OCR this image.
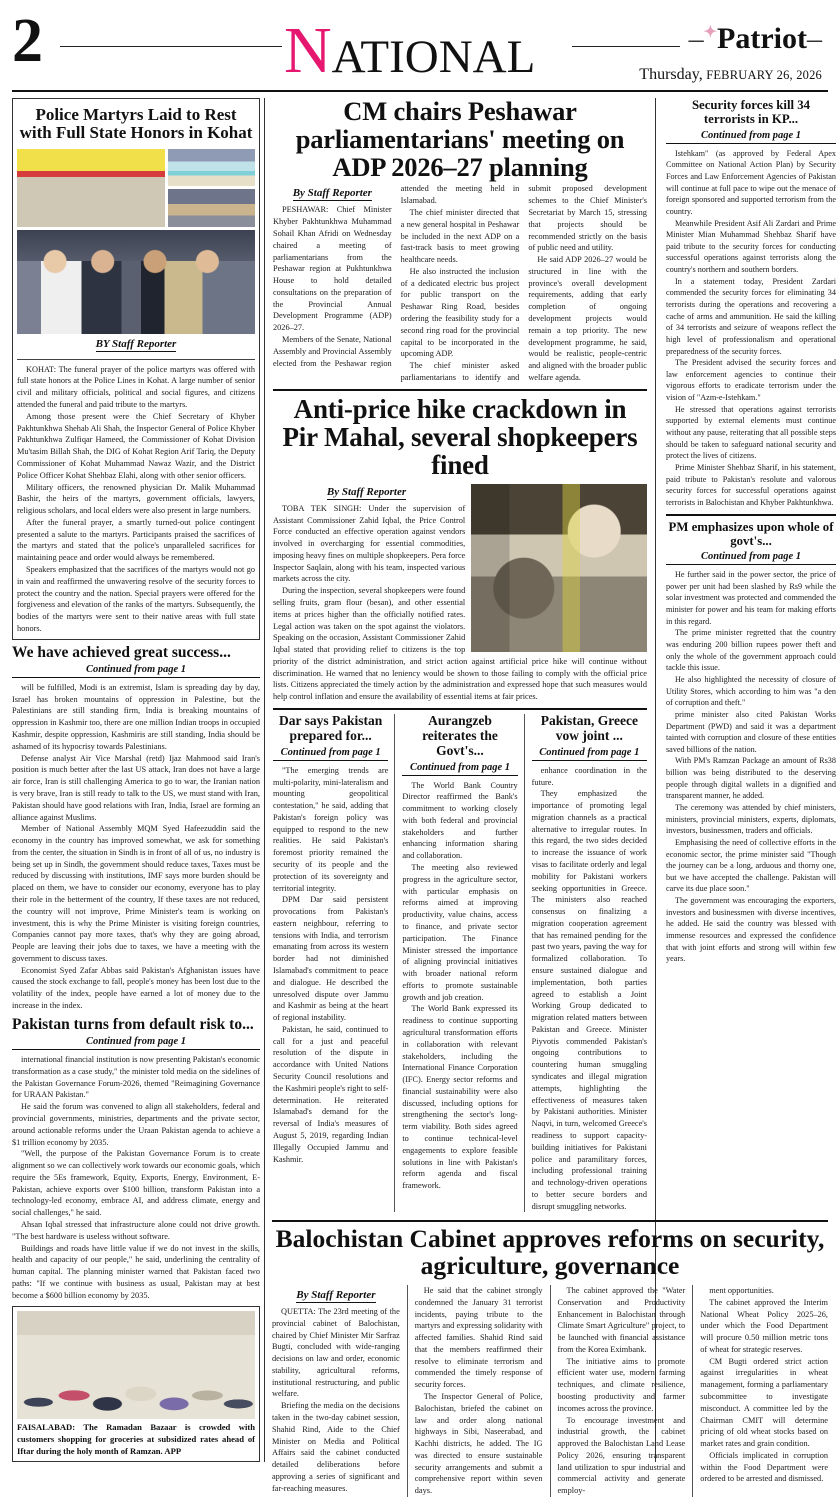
2	NATIONAL	–✦Patriot–
Thursday, FEBRUARY 26, 2026
Police Martyrs Laid to Rest with Full State Honors in Kohat
BY Staff Reporter

KOHAT: The funeral prayer of the police martyrs was offered with full state honors at the Police Lines in Kohat. A large number of senior civil and military officials, political and social figures, and citizens attended the funeral and paid tribute to the martyrs.

Among those present were the Chief Secretary of Khyber Pakhtunkhwa Shehab Ali Shah, the Inspector General of Police Khyber Pakhtunkhwa Zulfiqar Hameed, the Commissioner of Kohat Division Mu'tasim Billah Shah, the DIG of Kohat Region Arif Tariq, the Deputy Commissioner of Kohat Muhammad Nawaz Wazir, and the District Police Officer Kohat Shehbaz Elahi, along with other senior officers.

Military officers, the renowned physician Dr. Malik Muhammad Bashir, the heirs of the martyrs, government officials, lawyers, religious scholars, and local elders were also present in large numbers.

After the funeral prayer, a smartly turned-out police contingent presented a salute to the martyrs. Participants praised the sacrifices of the martyrs and stated that the police's unparalleled sacrifices for maintaining peace and order would always be remembered.

Speakers emphasized that the sacrifices of the martyrs would not go in vain and reaffirmed the unwavering resolve of the security forces to protect the country and the nation. Special prayers were offered for the forgiveness and elevation of the ranks of the martyrs. Subsequently, the bodies of the martyrs were sent to their native areas with full state honors.

We have achieved great success...
Continued from page 1

will be fulfilled, Modi is an extremist, Islam is spreading day by day, Israel has broken mountains of oppression in Palestine, but the Palestinians are still standing firm, India is breaking mountains of oppression in Kashmir too, there are one million Indian troops in occupied Kashmir, despite oppression, Kashmiris are still standing, India should be ashamed of its hypocrisy towards Palestinians.

Defense analyst Air Vice Marshal (retd) Ijaz Mahmood said Iran's position is much better after the last US attack, Iran does not have a large air force, Iran is still challenging America to go to war, the Iranian nation is very brave, Iran is still ready to talk to the US, we must stand with Iran, Pakistan should have good relations with Iran, India, Israel are forming an alliance against Muslims.

Member of National Assembly MQM Syed Hafeezuddin said the economy in the country has improved somewhat, we ask for something from the center, the situation in Sindh is in front of all of us, no industry is being set up in Sindh, the government should reduce taxes, Taxes must be reduced by discussing with institutions, IMF says more burden should be placed on them, we have to consider our economy, everyone has to play their role in the betterment of the country, If these taxes are not reduced, the country will not improve, Prime Minister's team is working on investment, this is why the Prime Minister is visiting foreign countries, Companies cannot pay more taxes, that's why they are going abroad, People are leaving their jobs due to taxes, we have a meeting with the government to discuss taxes.

Economist Syed Zafar Abbas said Pakistan's Afghanistan issues have caused the stock exchange to fall, people's money has been lost due to the volatility of the index, people have earned a lot of money due to the increase in the index.

Pakistan turns from default risk to...
Continued from page 1

international financial institution is now presenting Pakistan's economic transformation as a case study," the minister told media on the sidelines of the Pakistan Governance Forum-2026, themed "Reimagining Governance for URAAN Pakistan."

He said the forum was convened to align all stakeholders, federal and provincial governments, ministries, departments and the private sector, around actionable reforms under the Uraan Pakistan agenda to achieve a $1 trillion economy by 2035.

"Well, the purpose of the Pakistan Governance Forum is to create alignment so we can collectively work towards our economic goals, which require the 5Es framework, Equity, Exports, Energy, Environment, E-Pakistan, achieve exports over $100 billion, transform Pakistan into a technology-led economy, embrace AI, and address climate, energy and social challenges," he said.

Ahsan Iqbal stressed that infrastructure alone could not drive growth. "The best hardware is useless without software.

Buildings and roads have little value if we do not invest in the skills, health and capacity of our people," he said, underlining the centrality of human capital. The planning minister warned that Pakistan faced two paths: "If we continue with business as usual, Pakistan may at best become a $600 billion economy by 2035.

FAISALABAD: The Ramadan Bazaar is crowded with customers shopping for groceries at subsidized rates ahead of Iftar during the holy month of Ramzan. APP
CM chairs Peshawar parliamentarians' meeting on ADP 2026–27 planning
By Staff Reporter

PESHAWAR: Chief Minister Khyber Pakhtunkhwa Muhammad Sohail Khan Afridi on Wednesday chaired a meeting of parliamentarians from the Peshawar region at Pukhtunkhwa House to hold detailed consultations on the preparation of the Provincial Annual Development Programme (ADP) 2026–27.

Members of the Senate, National Assembly and Provincial Assembly elected from the Peshawar region attended the meeting held in Islamabad.

The chief minister directed that a new general hospital in Peshawar be included in the next ADP on a fast-track basis to meet growing healthcare needs.

He also instructed the inclusion of a dedicated electric bus project for public transport on the Peshawar Ring Road, besides ordering the feasibility study for a second ring road for the provincial capital to be incorporated in the upcoming ADP.

The chief minister asked parliamentarians to identify and submit proposed development schemes to the Chief Minister's Secretariat by March 15, stressing that projects should be recommended strictly on the basis of public need and utility.

He said ADP 2026–27 would be structured in line with the province's overall development requirements, adding that early completion of ongoing development projects would remain a top priority. The new development programme, he said, would be realistic, people-centric and aligned with the broader public welfare agenda.

Anti-price hike crackdown in Pir Mahal, several shopkeepers fined
By Staff Reporter

TOBA TEK SINGH: Under the supervision of Assistant Commissioner Zahid Iqbal, the Price Control Force conducted an effective operation against vendors involved in overcharging for essential commodities, imposing heavy fines on multiple shopkeepers. Pera force Inspector Saqlain, along with his team, inspected various markets across the city.

During the inspection, several shopkeepers were found selling fruits, gram flour (besan), and other essential items at prices higher than the officially notified rates. Legal action was taken on the spot against the violators. Speaking on the occasion, Assistant Commissioner Zahid Iqbal stated that providing relief to citizens is the top priority of the district administration, and strict action against artificial price hike will continue without discrimination. He warned that no leniency would be shown to those failing to comply with the official price lists. Citizens appreciated the timely action by the administration and expressed hope that such measures would help control inflation and ensure the availability of essential items at fair prices.

Dar says Pakistan prepared for...
Continued from page 1

"The emerging trends are multi-polarity, mini-lateralism and mounting geopolitical contestation," he said, adding that Pakistan's foreign policy was equipped to respond to the new realities. He said Pakistan's foremost priority remained the security of its people and the protection of its sovereignty and territorial integrity.

DPM Dar said persistent provocations from Pakistan's eastern neighbour, referring to tensions with India, and terrorism emanating from across its western border had not diminished Islamabad's commitment to peace and dialogue. He described the unresolved dispute over Jammu and Kashmir as being at the heart of regional instability.

Pakistan, he said, continued to call for a just and peaceful resolution of the dispute in accordance with United Nations Security Council resolutions and the Kashmiri people's right to self-determination. He reiterated Islamabad's demand for the reversal of India's measures of August 5, 2019, regarding Indian Illegally Occupied Jammu and Kashmir.

Aurangzeb reiterates the Govt's...
Continued from page 1

The World Bank Country Director reaffirmed the Bank's commitment to working closely with both federal and provincial stakeholders and further enhancing information sharing and collaboration.

The meeting also reviewed progress in the agriculture sector, with particular emphasis on reforms aimed at improving productivity, value chains, access to finance, and private sector participation. The Finance Minister stressed the importance of aligning provincial initiatives with broader national reform efforts to promote sustainable growth and job creation.

The World Bank expressed its readiness to continue supporting agricultural transformation efforts in collaboration with relevant stakeholders, including the International Finance Corporation (IFC). Energy sector reforms and financial sustainability were also discussed, including options for strengthening the sector's long-term viability. Both sides agreed to continue technical-level engagements to explore feasible solutions in line with Pakistan's reform agenda and fiscal framework.

Pakistan, Greece vow joint ...
Continued from page 1

enhance coordination in the future.

They emphasized the importance of promoting legal migration channels as a practical alternative to irregular routes. In this regard, the two sides decided to increase the issuance of work visas to facilitate orderly and legal mobility for Pakistani workers seeking opportunities in Greece. The ministers also reached consensus on finalizing a migration cooperation agreement that has remained pending for the past two years, paving the way for formalized collaboration. To ensure sustained dialogue and implementation, both parties agreed to establish a Joint Working Group dedicated to migration related matters between Pakistan and Greece. Minister Piyvotis commended Pakistan's ongoing contributions to countering human smuggling syndicates and illegal migration attempts, highlighting the effectiveness of measures taken by Pakistani authorities. Minister Naqvi, in turn, welcomed Greece's readiness to support capacity-building initiatives for Pakistani police and paramilitary forces, including professional training and technology-driven operations to better secure borders and disrupt smuggling networks.

Security forces kill 34 terrorists in KP...
Continued from page 1

Istehkam" (as approved by Federal Apex Committee on National Action Plan) by Security Forces and Law Enforcement Agencies of Pakistan will continue at full pace to wipe out the menace of foreign sponsored and supported terrorism from the country.

Meanwhile President Asif Ali Zardari and Prime Minister Mian Muhammad Shehbaz Sharif have paid tribute to the security forces for conducting successful operations against terrorists along the country's northern and southern borders.

In a statement today, President Zardari commended the security forces for eliminating 34 terrorists during the operations and recovering a cache of arms and ammunition. He said the killing of 34 terrorists and seizure of weapons reflect the high level of professionalism and operational preparedness of the security forces.

The President advised the security forces and law enforcement agencies to continue their vigorous efforts to eradicate terrorism under the vision of "Azm-e-Istehkam."

He stressed that operations against terrorists supported by external elements must continue without any pause, reiterating that all possible steps should be taken to safeguard national security and protect the lives of citizens.

Prime Minister Shehbaz Sharif, in his statement, paid tribute to Pakistan's resolute and valorous security forces for successful operations against terrorists in Balochistan and Khyber Pakhtunkhwa.

PM emphasizes upon whole of govt's...
Continued from page 1

He further said in the power sector, the price of power per unit had been slashed by Rs9 while the solar investment was protected and commended the minister for power and his team for making efforts in this regard.

The prime minister regretted that the country was enduring 200 billion rupees power theft and only the whole of the government approach could tackle this issue.

He also highlighted the necessity of closure of Utility Stores, which according to him was "a den of corruption and theft."

prime minister also cited Pakistan Works Department (PWD) and said it was a department tainted with corruption and closure of these entities saved billions of the nation.

With PM's Ramzan Package an amount of Rs38 billion was being distributed to the deserving people through digital wallets in a dignified and transparent manner, he added.

The ceremony was attended by chief ministers, ministers, provincial ministers, experts, diplomats, investors, businessmen, traders and officials.

Emphasising the need of collective efforts in the economic sector, the prime minister said "Though the journey can be a long, arduous and thorny one, but we have accepted the challenge. Pakistan will carve its due place soon."

The government was encouraging the exporters, investors and businessmen with diverse incentives, he added. He said the country was blessed with immense resources and expressed the confidence that with joint efforts and strong will within few years.

Balochistan Cabinet approves reforms on security, agriculture, governance
By Staff Reporter

QUETTA: The 23rd meeting of the provincial cabinet of Balochistan, chaired by Chief Minister Mir Sarfraz Bugti, concluded with wide-ranging decisions on law and order, economic stability, agricultural reforms, institutional restructuring, and public welfare.

Briefing the media on the decisions taken in the two-day cabinet session, Shahid Rind, Aide to the Chief Minister on Media and Political Affairs said the cabinet conducted detailed deliberations before approving a series of significant and far-reaching measures.

He said that the cabinet strongly condemned the January 31 terrorist incidents, paying tribute to the martyrs and expressing solidarity with affected families. Shahid Rind said that the members reaffirmed their resolve to eliminate terrorism and commended the timely response of security forces.

The Inspector General of Police, Balochistan, briefed the cabinet on law and order along national highways in Sibi, Naseerabad, and Kachhi districts, he added. The IG was directed to ensure sustainable security arrangements and submit a comprehensive report within seven days.

The cabinet approved the "Water Conservation and Productivity Enhancement in Balochistan through Climate Smart Agriculture" project, to be launched with financial assistance from the Korea Eximbank.

The initiative aims to promote efficient water use, modern farming techniques, and climate resilience, boosting productivity and farmer incomes across the province.

To encourage investment and industrial growth, the cabinet approved the Balochistan Land Lease Policy 2026, ensuring transparent land utilization to spur industrial and commercial activity and generate employ-

ment opportunities.

The cabinet approved the Interim National Wheat Policy 2025–26, under which the Food Department will procure 0.50 million metric tons of wheat for strategic reserves.

CM Bugti ordered strict action against irregularities in wheat management, forming a parliamentary subcommittee to investigate misconduct. A committee led by the Chairman CMIT will determine pricing of old wheat stocks based on market rates and grain condition.

Officials implicated in corruption within the Food Department were ordered to be arrested and dismissed.
